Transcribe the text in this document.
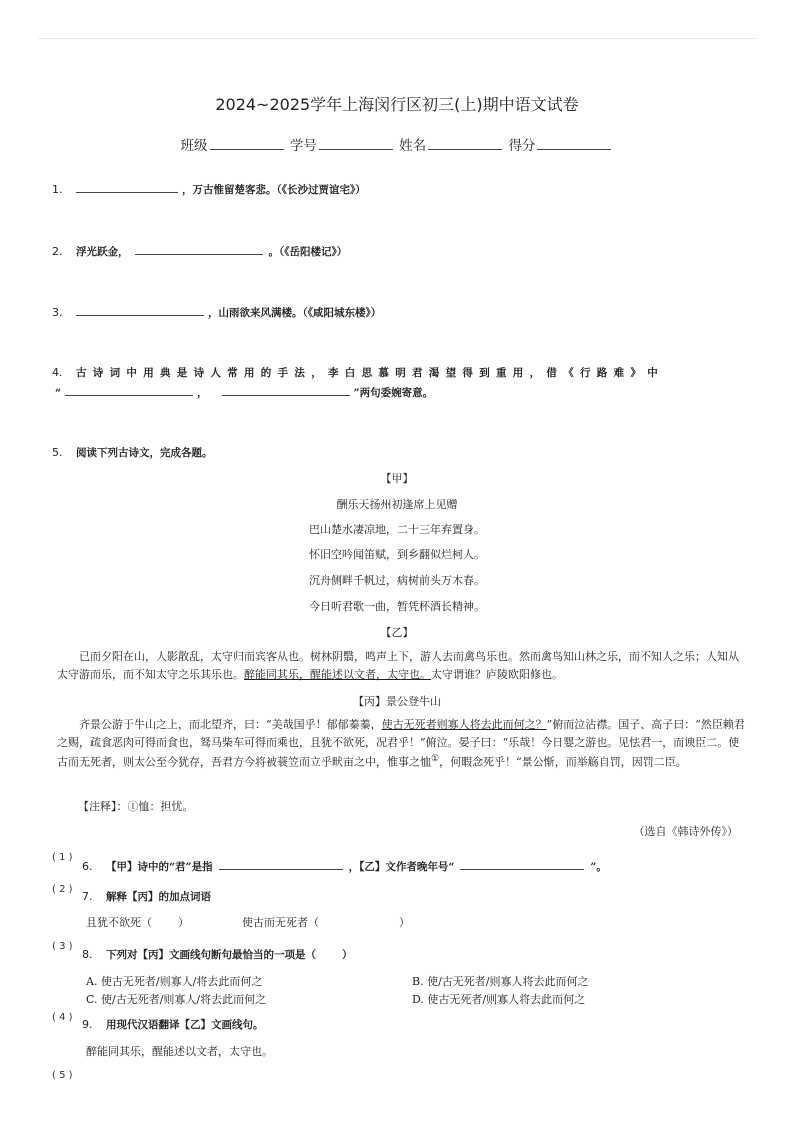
2024~2025学年上海闵行区初三(上)期中语文试卷
班级	学号	姓名	得分
1.	，万古惟留楚客悲。（《长沙过贾谊宅》）
2. 浮光跃金，	。（《岳阳楼记》）
3.	，山雨欲来风满楼。（《咸阳城东楼》）
4. 古诗词中用典是诗人常用的手法，李白思慕明君渴望得到重用，借《行路难》中
“	，	”两句委婉寄意。
5. 阅读下列古诗文，完成各题。
【甲】
酬乐天扬州初逢席上见赠
巴山楚水凄凉地，二十三年弃置身。
怀旧空吟闻笛赋，到乡翻似烂柯人。
沉舟侧畔千帆过，病树前头万木春。
今日听君歌一曲，暂凭杯酒长精神。
【乙】
已而夕阳在山，人影散乱，太守归而宾客从也。树林阴翳，鸣声上下，游人去而禽鸟乐也。然而禽鸟知山林之乐，而不知人之乐；人知从太守游而乐，而不知太守之乐其乐也。醉能同其乐，醒能述以文者，太守也。太守谓谁？庐陵欧阳修也。
【丙】景公登牛山
齐景公游于牛山之上，而北望齐，曰：“美哉国乎！郁郁蓁蓁，使古无死者则寡人将去此而何之？”俯而泣沾襟。国子、高子曰：“然臣赖君之赐，疏食恶肉可得而食也，驽马柴车可得而乘也，且犹不欲死，况君乎！”俯泣。晏子曰：“乐哉！今日婴之游也。见怯君一，而谀臣二。使古而无死者，则太公至今犹存，吾君方今将被蓑笠而立乎畎亩之中，惟事之恤①，何暇念死乎！”景公惭，而举觞自罚，因罚二臣。
【注释】：①恤：担忧。
（选自《韩诗外传》）
( 1 )
6. 【甲】诗中的“君”是指	，【乙】文作者晚年号“	”。
( 2 )
7. 解释【丙】的加点词语
且犹不欲死（ ）	使古而无死者（	）
( 3 )
8. 下列对【丙】文画线句断句最恰当的一项是（ ）
A. 使古无死者/则寡人/将去此而何之	B. 使/古无死者/则寡人将去此而何之
C. 使/古无死者/则寡人/将去此而何之	D. 使古无死者/则寡人将去此而何之
( 4 )
9. 用现代汉语翻译【乙】文画线句。
醉能同其乐，醒能述以文者，太守也。
( 5 )
